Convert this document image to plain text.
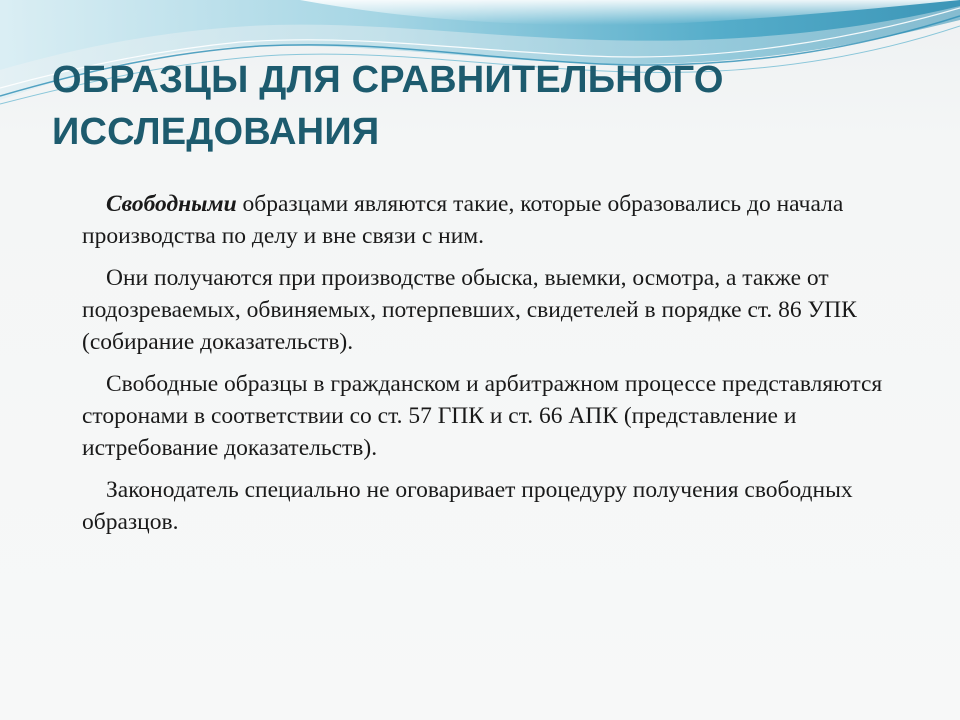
ОБРАЗЦЫ ДЛЯ СРАВНИТЕЛЬНОГО
ИССЛЕДОВАНИЯ

Свободными образцами являются такие, которые образовались до начала производства по делу и вне связи с ним.

Они получаются при производстве обыска, выемки, осмотра, а также от подозреваемых, обвиняемых, потерпевших, свидетелей в порядке ст. 86 УПК (собирание доказательств).

Свободные образцы в гражданском и арбитражном процессе представляются сторонами в соответствии со ст. 57 ГПК и ст. 66 АПК (представление и истребование доказательств).

Законодатель специально не оговаривает процедуру получения свободных образцов.
